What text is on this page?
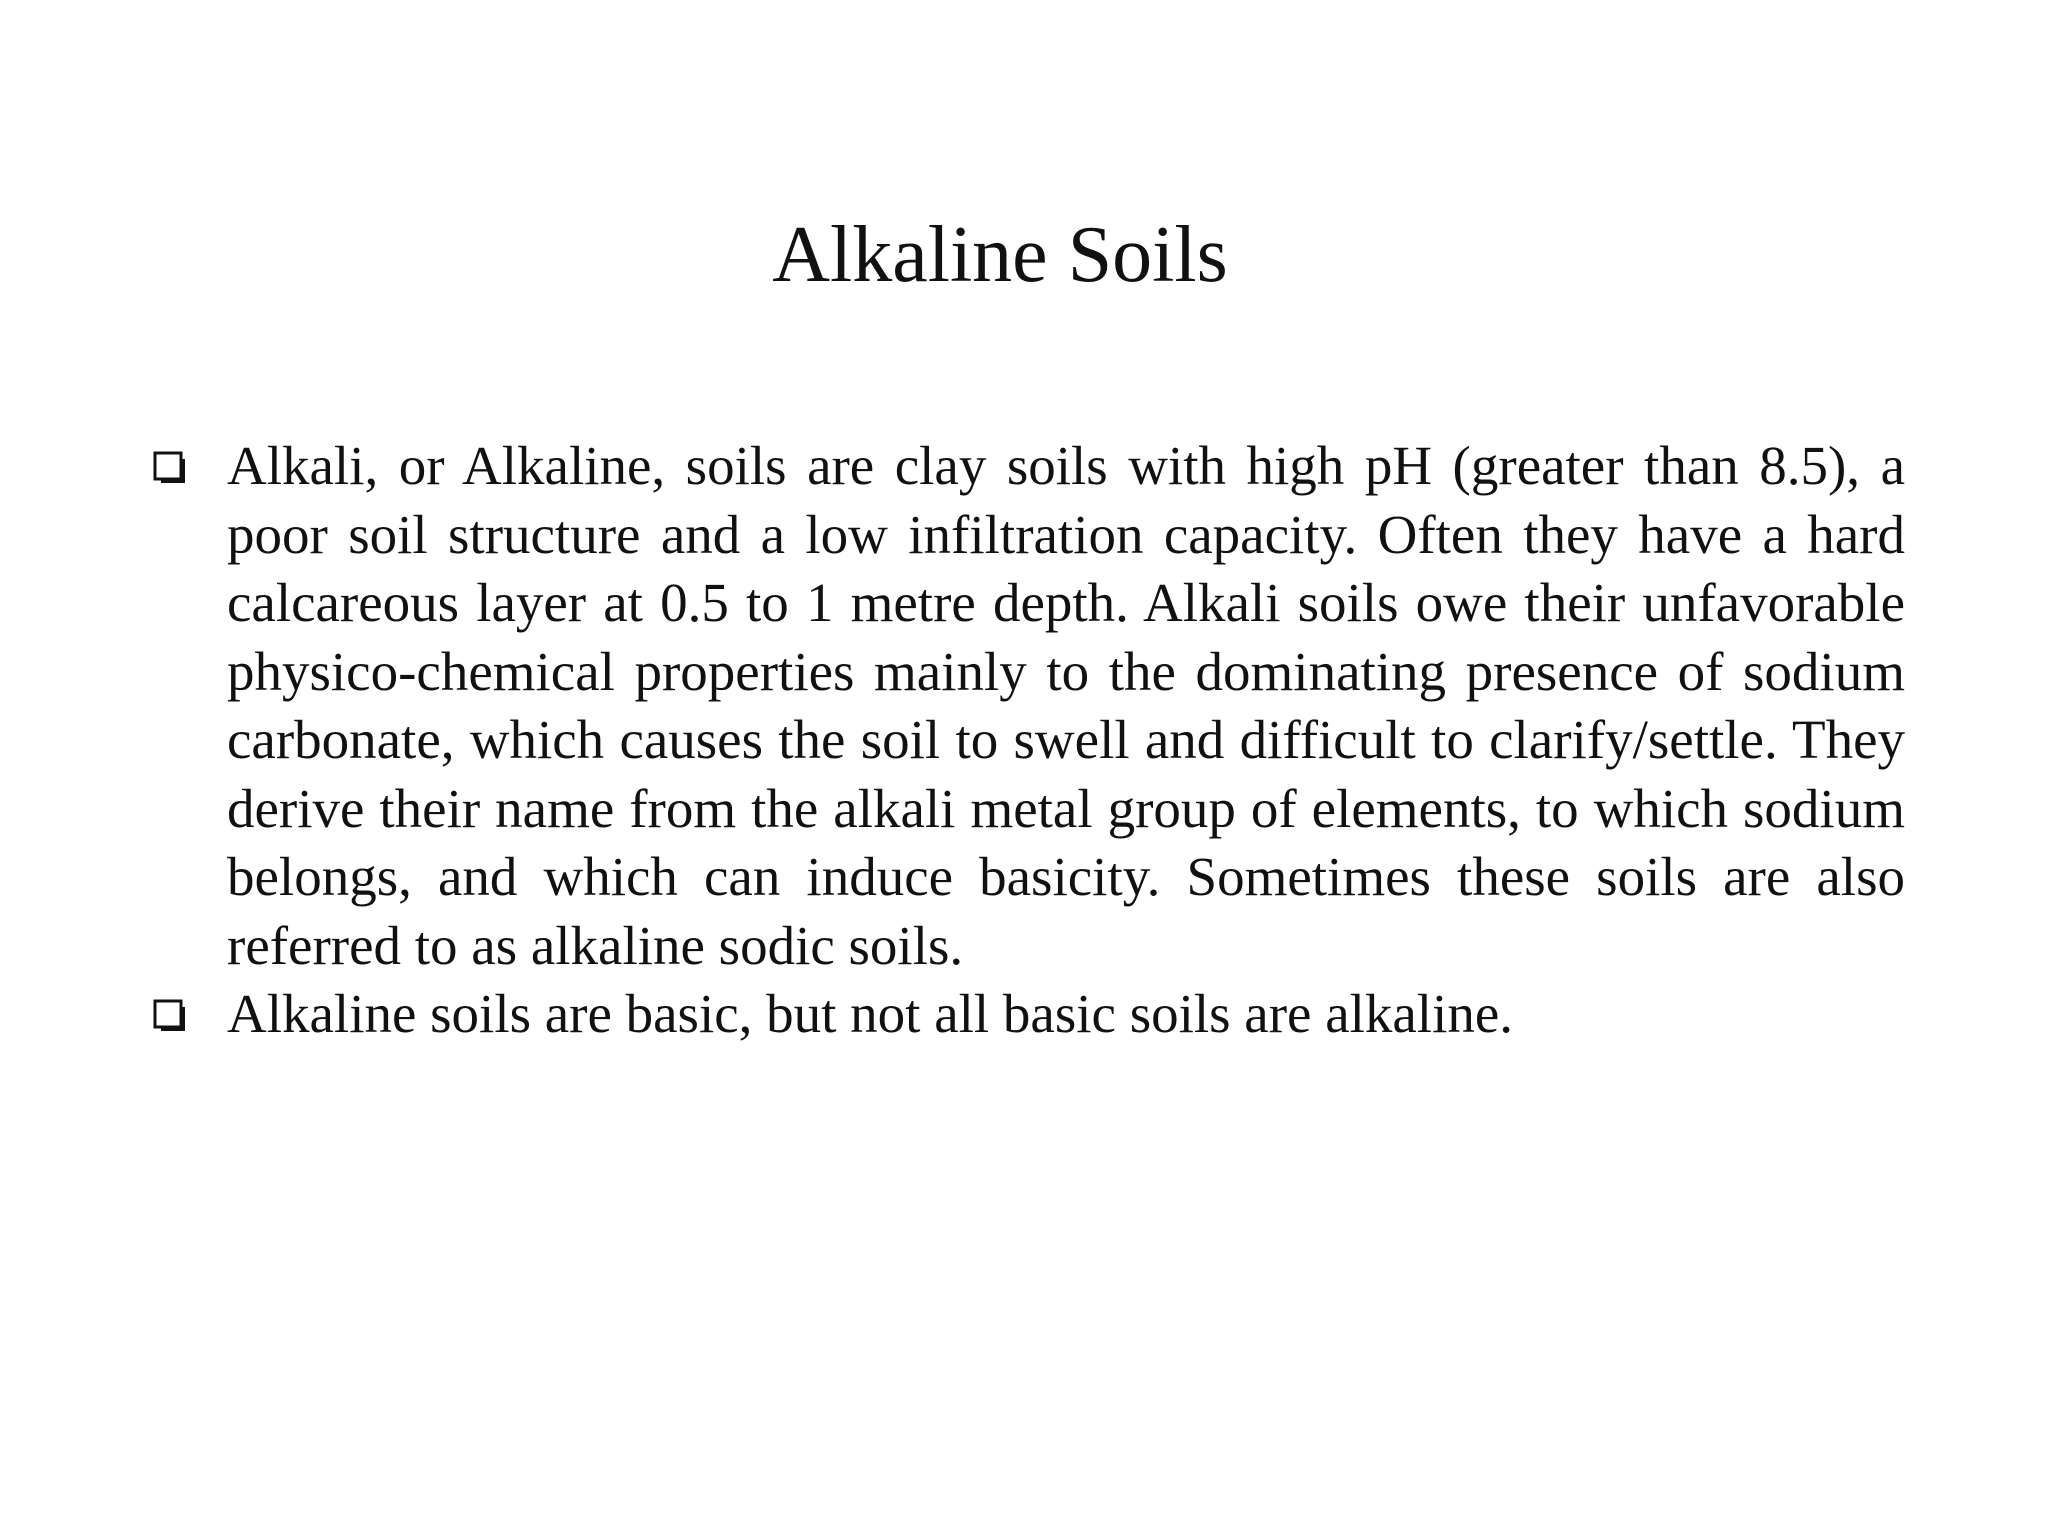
Alkaline Soils
Alkali, or Alkaline, soils are clay soils with high pH (greater than 8.5), a poor soil structure and a low infiltration capacity. Often they have a hard calcareous layer at 0.5 to 1 metre depth. Alkali soils owe their unfavorable physico-chemical properties mainly to the dominating presence of sodium carbonate, which causes the soil to swell and difficult to clarify/settle. They derive their name from the alkali metal group of elements, to which sodium belongs, and which can induce basicity. Sometimes these soils are also referred to as alkaline sodic soils.
Alkaline soils are basic, but not all basic soils are alkaline.
